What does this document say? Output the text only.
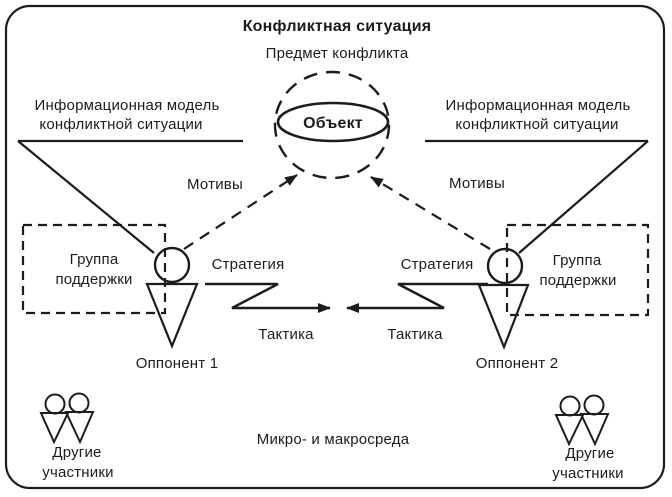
Конфликтная ситуация
Предмет конфликта
Объект
Информационная модель
конфликтной ситуации
Информационная модель
конфликтной ситуации
Мотивы	Мотивы
Стратегия	Стратегия
Тактика	Тактика
Группа
поддержки
Группа
поддержки
Оппонент 1	Оппонент 2
Другие
участники
Другие
участники
Микро- и макросреда
